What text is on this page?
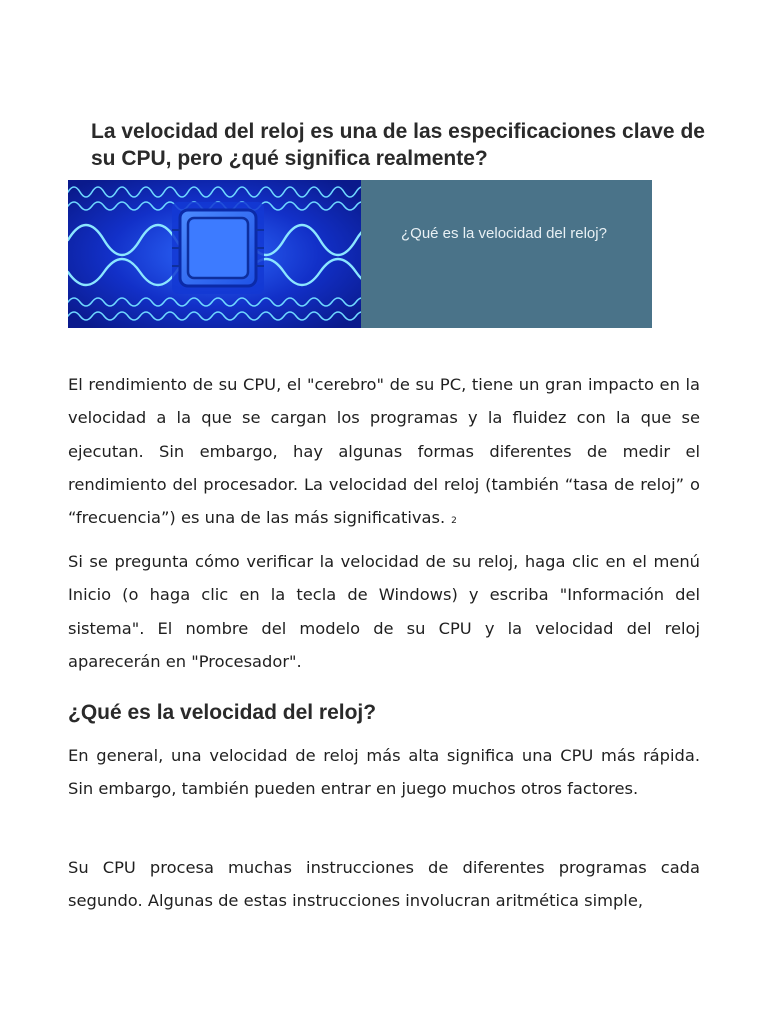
La velocidad del reloj es una de las especificaciones clave de su CPU, pero ¿qué significa realmente?
¿Qué es la velocidad del reloj?

El rendimiento de su CPU, el "cerebro" de su PC, tiene un gran impacto en la velocidad a la que se cargan los programas y la fluidez con la que se ejecutan. Sin embargo, hay algunas formas diferentes de medir el rendimiento del procesador. La velocidad del reloj (también “tasa de reloj” o “frecuencia”) es una de las más significativas. 2

Si se pregunta cómo verificar la velocidad de su reloj, haga clic en el menú Inicio (o haga clic en la tecla de Windows) y escriba "Información del sistema". El nombre del modelo de su CPU y la velocidad del reloj aparecerán en "Procesador".

¿Qué es la velocidad del reloj?

En general, una velocidad de reloj más alta significa una CPU más rápida. Sin embargo, también pueden entrar en juego muchos otros factores.

Su CPU procesa muchas instrucciones de diferentes programas cada segundo. Algunas de estas instrucciones involucran aritmética simple,
